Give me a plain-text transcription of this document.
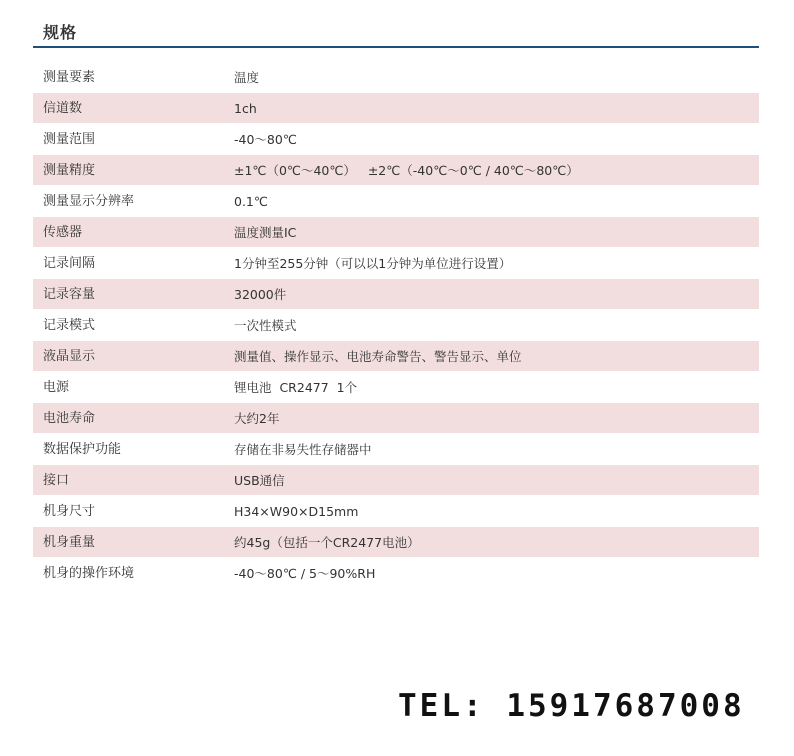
规格
测量要素	温度
信道数	1ch
测量范围	-40～80℃
测量精度	±1℃（0℃～40℃）   ±2℃（-40℃～0℃ / 40℃～80℃）
测量显示分辨率	0.1℃
传感器	温度测量IC
记录间隔	1分钟至255分钟（可以以1分钟为单位进行设置）
记录容量	32000件
记录模式	一次性模式
液晶显示	测量值、操作显示、电池寿命警告、警告显示、单位
电源	锂电池  CR2477  1个
电池寿命	大约2年
数据保护功能	存储在非易失性存储器中
接口	USB通信
机身尺寸	H34×W90×D15mm
机身重量	约45g（包括一个CR2477电池）
机身的操作环境	-40～80℃ / 5～90%RH
TEL: 15917687008
